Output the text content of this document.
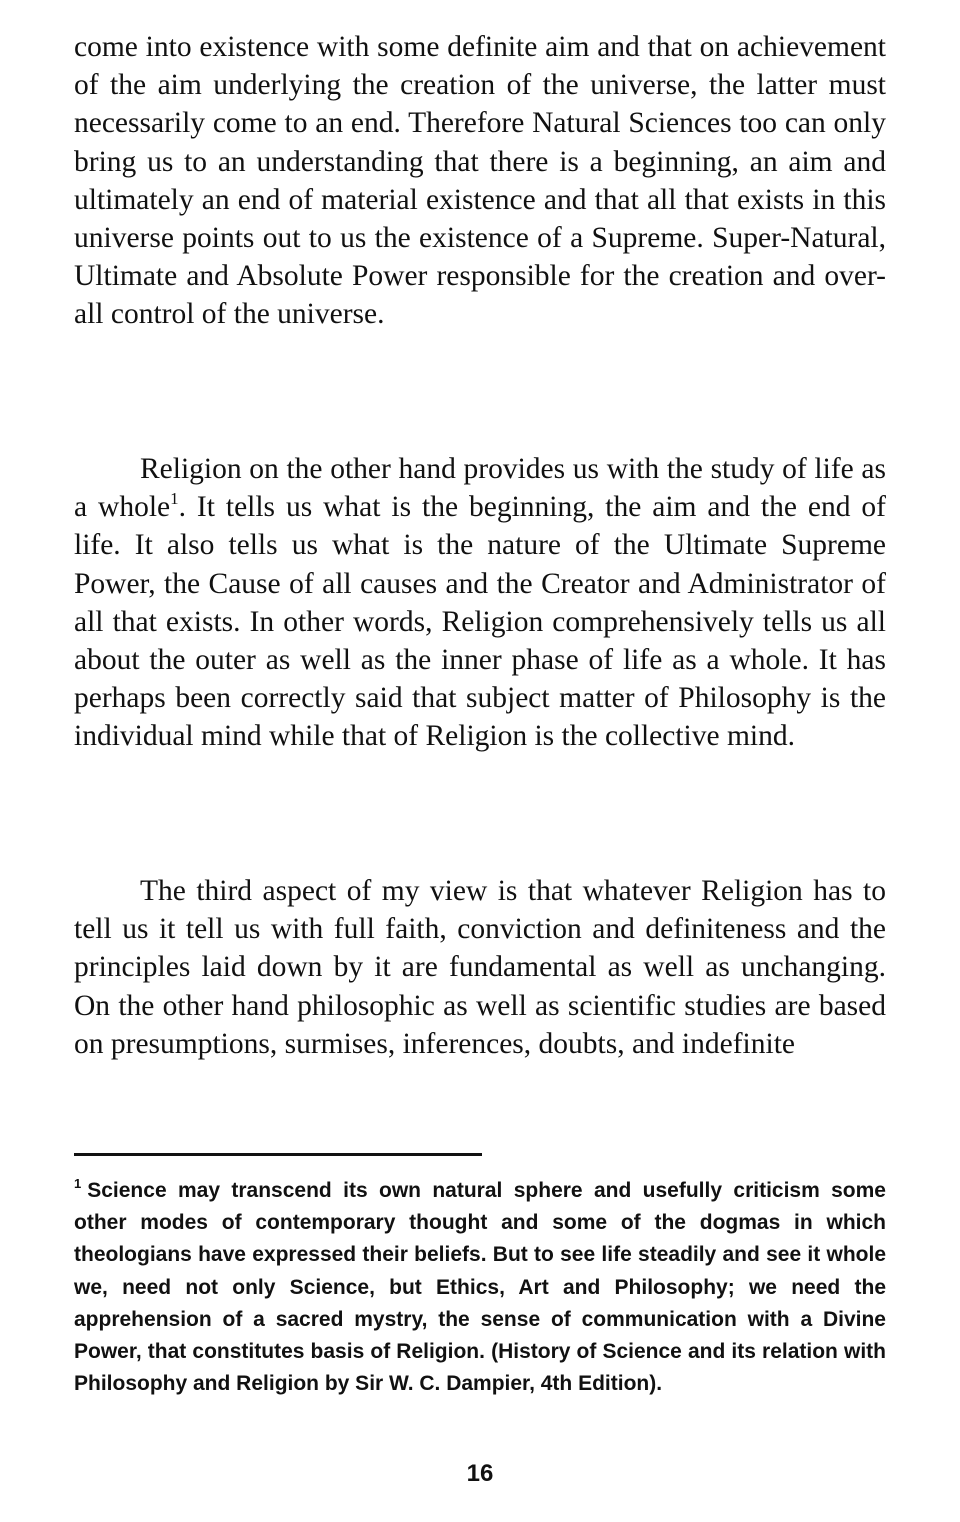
come into existence with some definite aim and that on achievement of the aim underlying the creation of the universe, the latter must necessarily come to an end. Therefore Natural Sciences too can only bring us to an understanding that there is a beginning, an aim and ultimately an end of material existence and that all that exists in this universe points out to us the existence of a Supreme. Super-Natural, Ultimate and Absolute Power responsible for the creation and over-all control of the universe.

Religion on the other hand provides us with the study of life as a whole$^1$. It tells us what is the beginning, the aim and the end of life. It also tells us what is the nature of the Ultimate Supreme Power, the Cause of all causes and the Creator and Administrator of all that exists. In other words, Religion comprehensively tells us all about the outer as well as the inner phase of life as a whole. It has perhaps been correctly said that subject matter of Philosophy is the individual mind while that of Religion is the collective mind.

The third aspect of my view is that whatever Religion has to tell us it tell us with full faith, conviction and definiteness and the principles laid down by it are fundamental as well as unchanging. On the other hand philosophic as well as scientific studies are based on presumptions, surmises, inferences, doubts, and indefinite

$^1$ Science may transcend its own natural sphere and usefully criticism some other modes of contemporary thought and some of the dogmas in which theologians have expressed their beliefs. But to see life steadily and see it whole we, need not only Science, but Ethics, Art and Philosophy; we need the apprehension of a sacred mystry, the sense of communication with a Divine Power, that constitutes basis of Religion. (History of Science and its relation with Philosophy and Religion by Sir W. C. Dampier, 4th Edition).

16
